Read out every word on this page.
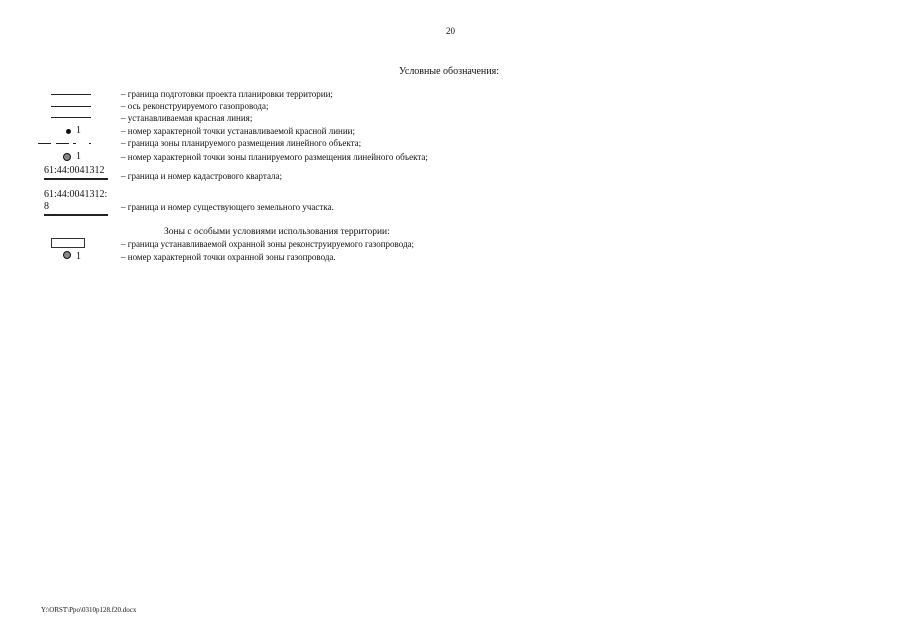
20
Условные обозначения:
– граница подготовки проекта планировки территории;
– ось реконструируемого газопровода;
– устанавливаемая красная линия;
1	– номер характерной точки устанавливаемой красной линии;
– граница зоны планируемого размещения линейного объекта;
1	– номер характерной точки зоны планируемого размещения линейного объекта;
61:44:0041312 – граница и номер кадастрового квартала;
61:44:0041312:
8	– граница и номер существующего земельного участка.
Зоны с особыми условиями использования территории:
– граница устанавливаемой охранной зоны реконструируемого газопровода;
1	– номер характерной точки охранной зоны газопровода.
Y:\ORST\Ppo\0310p128.f20.docx
